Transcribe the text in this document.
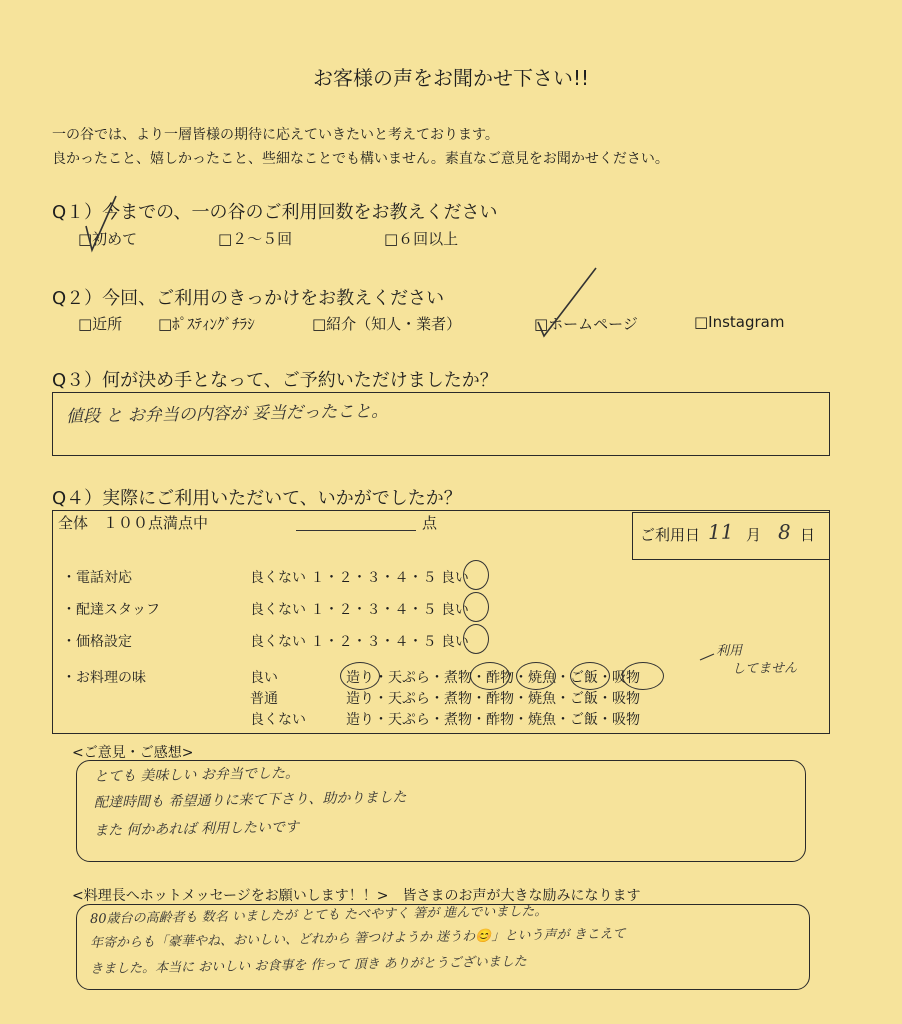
お客様の声をお聞かせ下さい!!
一の谷では、より一層皆様の期待に応えていきたいと考えております。
良かったこと、嬉しかったこと、些細なことでも構いません。素直なご意見をお聞かせください。
Q１）今までの、一の谷のご利用回数をお教えください
□初めて	□２～５回	□６回以上
Q２）今回、ご利用のきっかけをお教えください
□近所 □ﾎﾟｽﾃｨﾝｸﾞﾁﾗｼ	□紹介（知人・業者）	□ホームページ	□Instagram
Q３）何が決め手となって、ご予約いただけましたか？
値段 と お弁当の内容が 妥当だったこと。
Q４）実際にご利用いただいて、いかがでしたか？
全体　１００点満点中	点
ご利用日 11 月 8 日
・電話対応	良くない １・２・３・４・５ 良い
・配達スタッフ	良くない １・２・３・４・５ 良い
・価格設定	良くない １・２・３・４・５ 良い
・お料理の味	良い	造り・天ぷら・煮物・酢物・焼魚・ご飯・吸物
普通	造り・天ぷら・煮物・酢物・焼魚・ご飯・吸物
良くない	造り・天ぷら・煮物・酢物・焼魚・ご飯・吸物
利用
してません
<ご意見・ご感想>
とても 美味しい お弁当でした。
配達時間も 希望通りに来て下さり、助かりました
また 何かあれば 利用したいです
<料理長へホットメッセージをお願いします！！>　皆さまのお声が大きな励みになります
80歳台の高齢者も 数名 いましたが とても たべやすく 箸が 進んでいました。
年寄からも「豪華やね、おいしい、どれから 箸つけようか 迷うわ😊」という声が きこえて
きました。本当に おいしい お食事を 作って 頂き ありがとうございました
